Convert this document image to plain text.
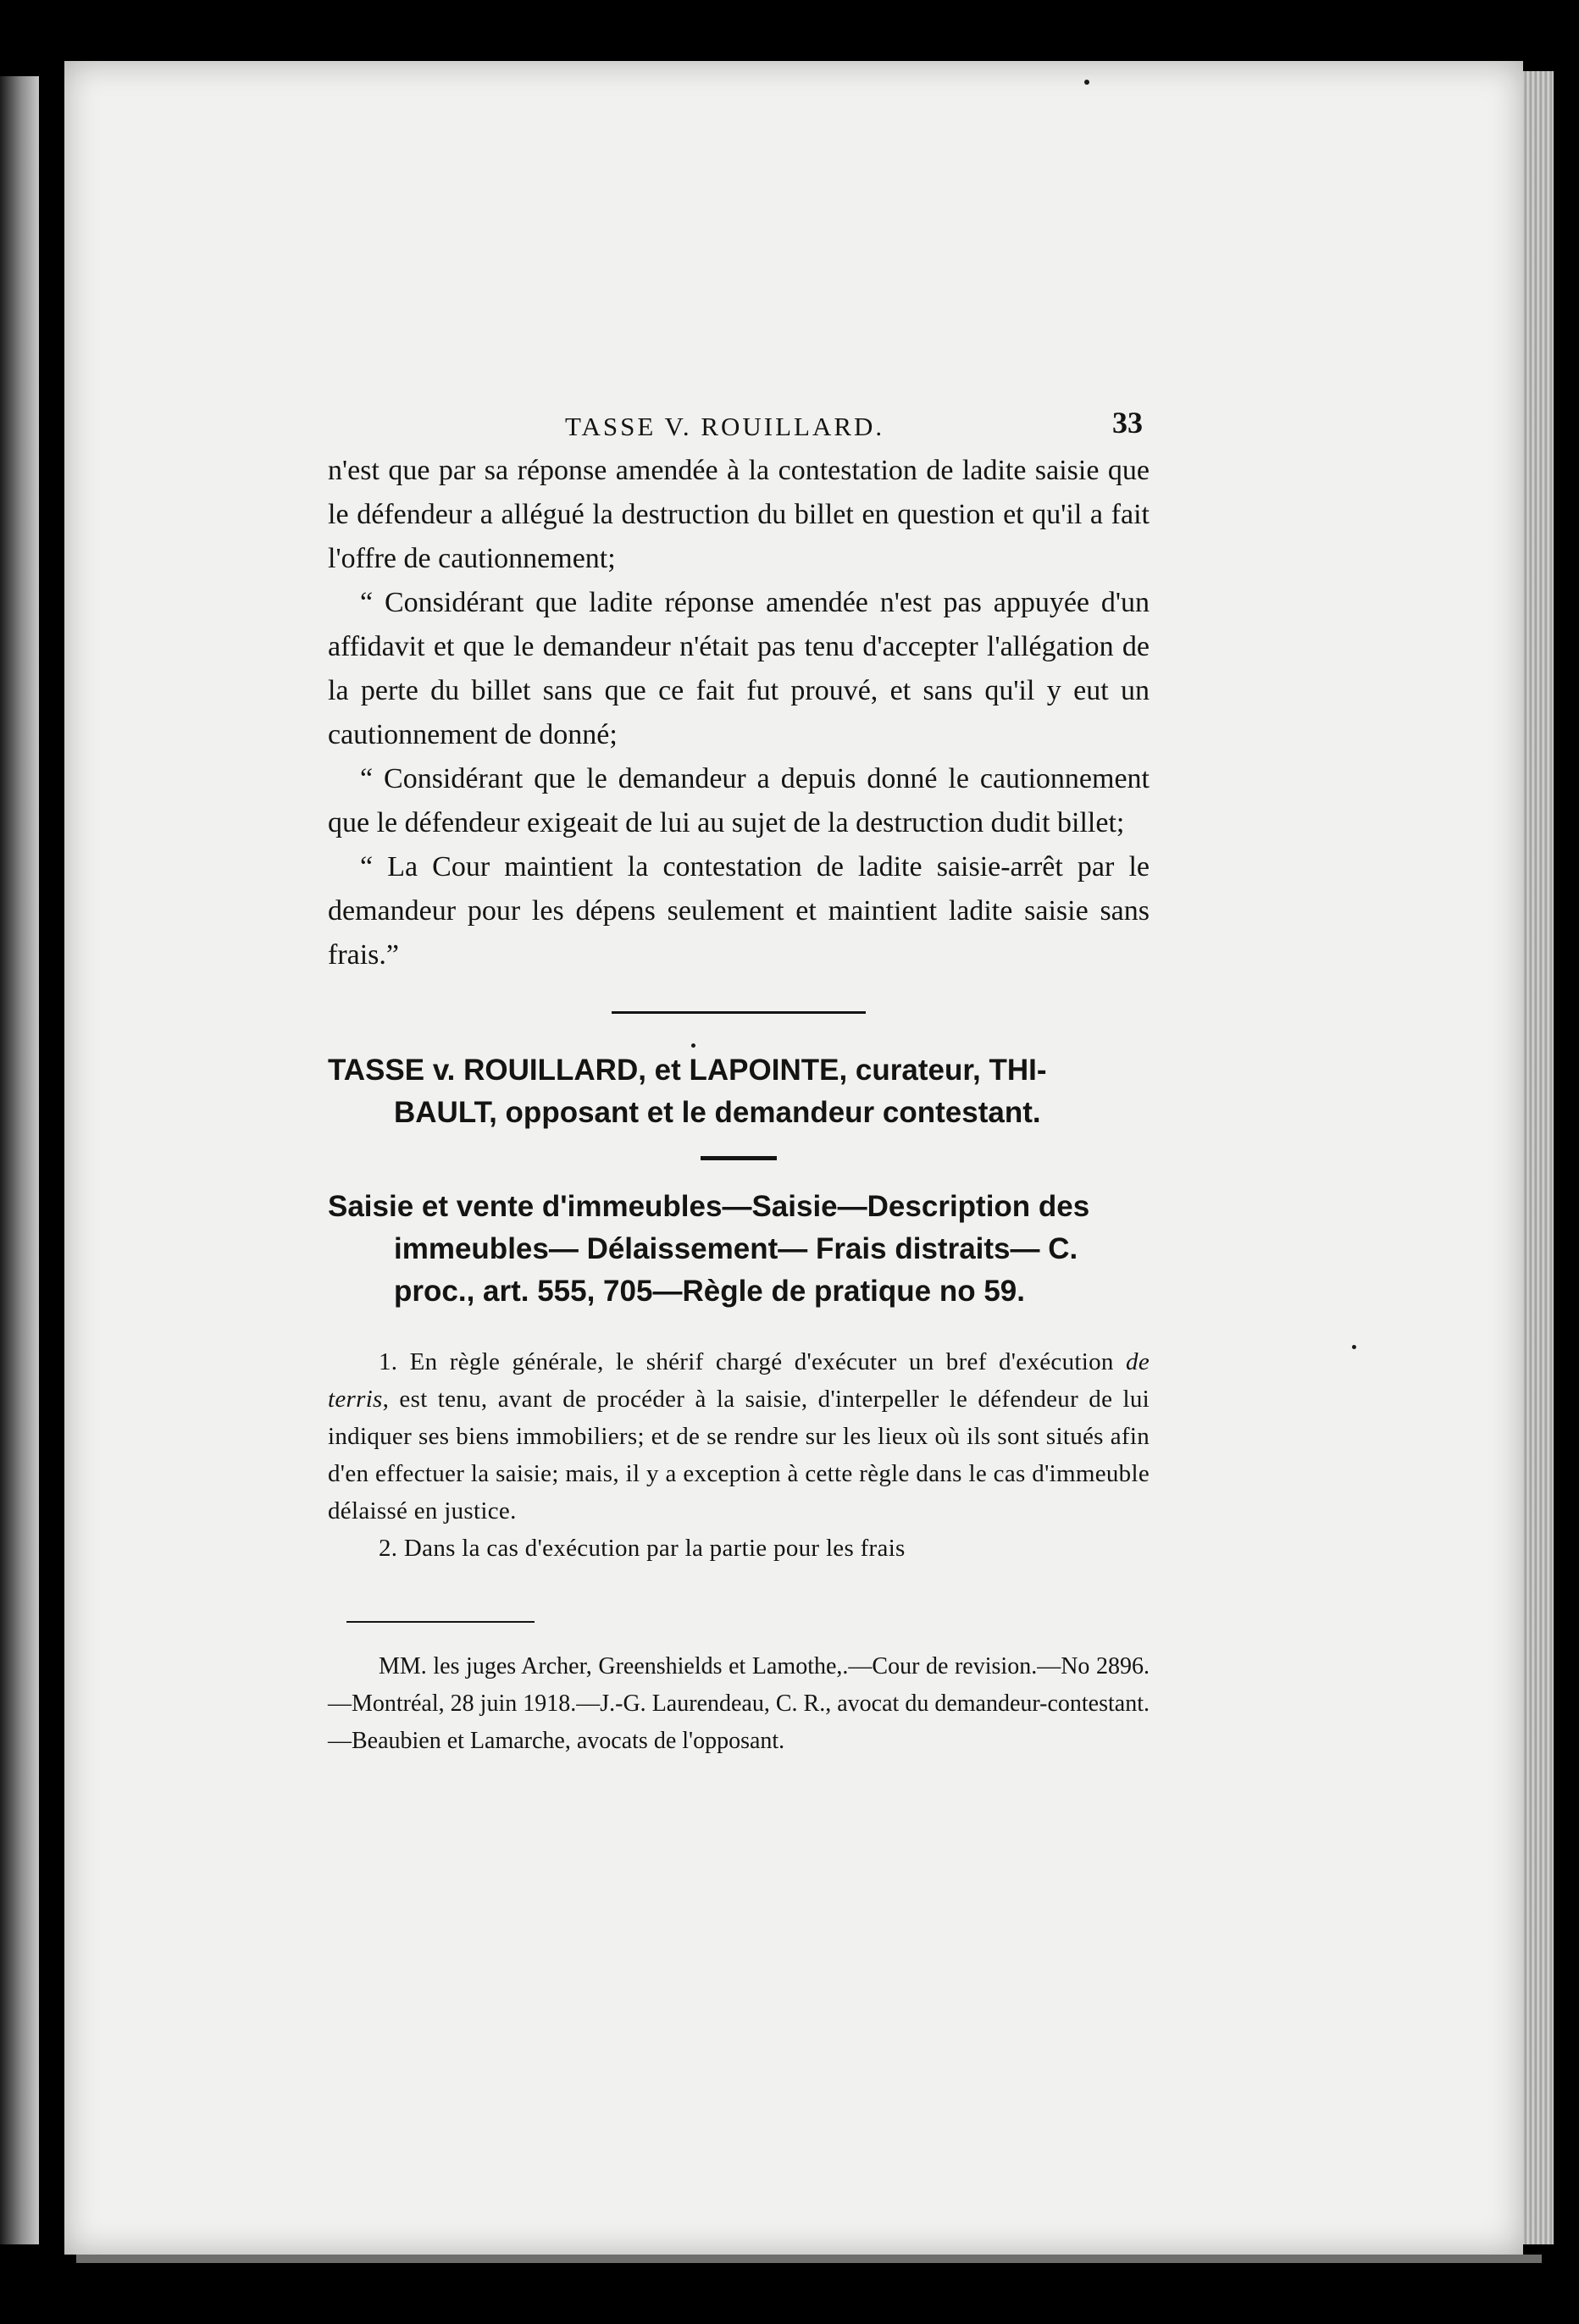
TASSE V. ROUILLARD.	33

n'est que par sa réponse amendée à la contestation de ladite saisie que le défendeur a allégué la destruction du billet en question et qu'il a fait l'offre de cautionnement;

“ Considérant que ladite réponse amendée n'est pas appuyée d'un affidavit et que le demandeur n'était pas tenu d'accepter l'allégation de la perte du billet sans que ce fait fut prouvé, et sans qu'il y eut un cautionnement de donné;

“ Considérant que le demandeur a depuis donné le cautionnement que le défendeur exigeait de lui au sujet de la destruction dudit billet;

“ La Cour maintient la contestation de ladite saisie-arrêt par le demandeur pour les dépens seulement et maintient ladite saisie sans frais.”

TASSE v. ROUILLARD, et LAPOINTE, curateur, THI-
BAULT, opposant et le demandeur contestant.

Saisie et vente d'immeubles—Saisie—Description des immeubles— Délaissement— Frais distraits— C. proc., art. 555, 705—Règle de pratique no 59.

1. En règle générale, le shérif chargé d'exécuter un bref d'exécution de terris, est tenu, avant de procéder à la saisie, d'interpeller le défendeur de lui indiquer ses biens immobiliers; et de se rendre sur les lieux où ils sont situés afin d'en effectuer la saisie; mais, il y a exception à cette règle dans le cas d'immeuble délaissé en justice.

2. Dans la cas d'exécution par la partie pour les frais

MM. les juges Archer, Greenshields et Lamothe,.—Cour de revision.—No 2896.—Montréal, 28 juin 1918.—J.-G. Laurendeau, C. R., avocat du demandeur-contestant.—Beaubien et Lamarche, avocats de l'opposant.
